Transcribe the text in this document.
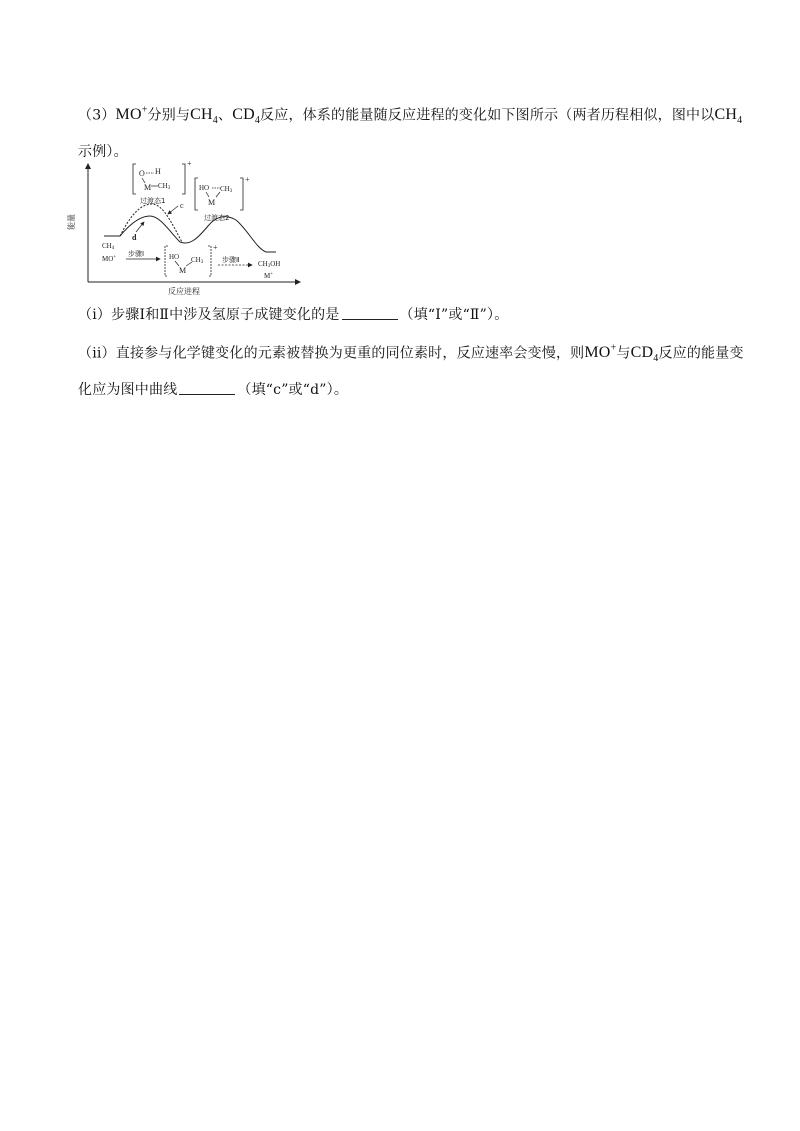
（3）MO+分别与$CH_4$、$CD_4$反应，体系的能量随反应进程的变化如下图所示（两者历程相似，图中以$CH_4$
示例）。
能量
反应进程
+
O H
M CH3
过渡态1 c
d
+
HO CH3
M
过渡态2
CH4
MO+ 步骤Ⅰ
+
HO
M
CH3	步骤Ⅱ	CH3OH
M+
（i）步骤Ⅰ和Ⅱ中涉及氢原子成键变化的是	（填“Ⅰ”或“Ⅱ”）。
（ii）直接参与化学键变化的元素被替换为更重的同位素时，反应速率会变慢，则MO+与$CD_4$反应的能量变
化应为图中曲线	（填“c”或“d”）。
